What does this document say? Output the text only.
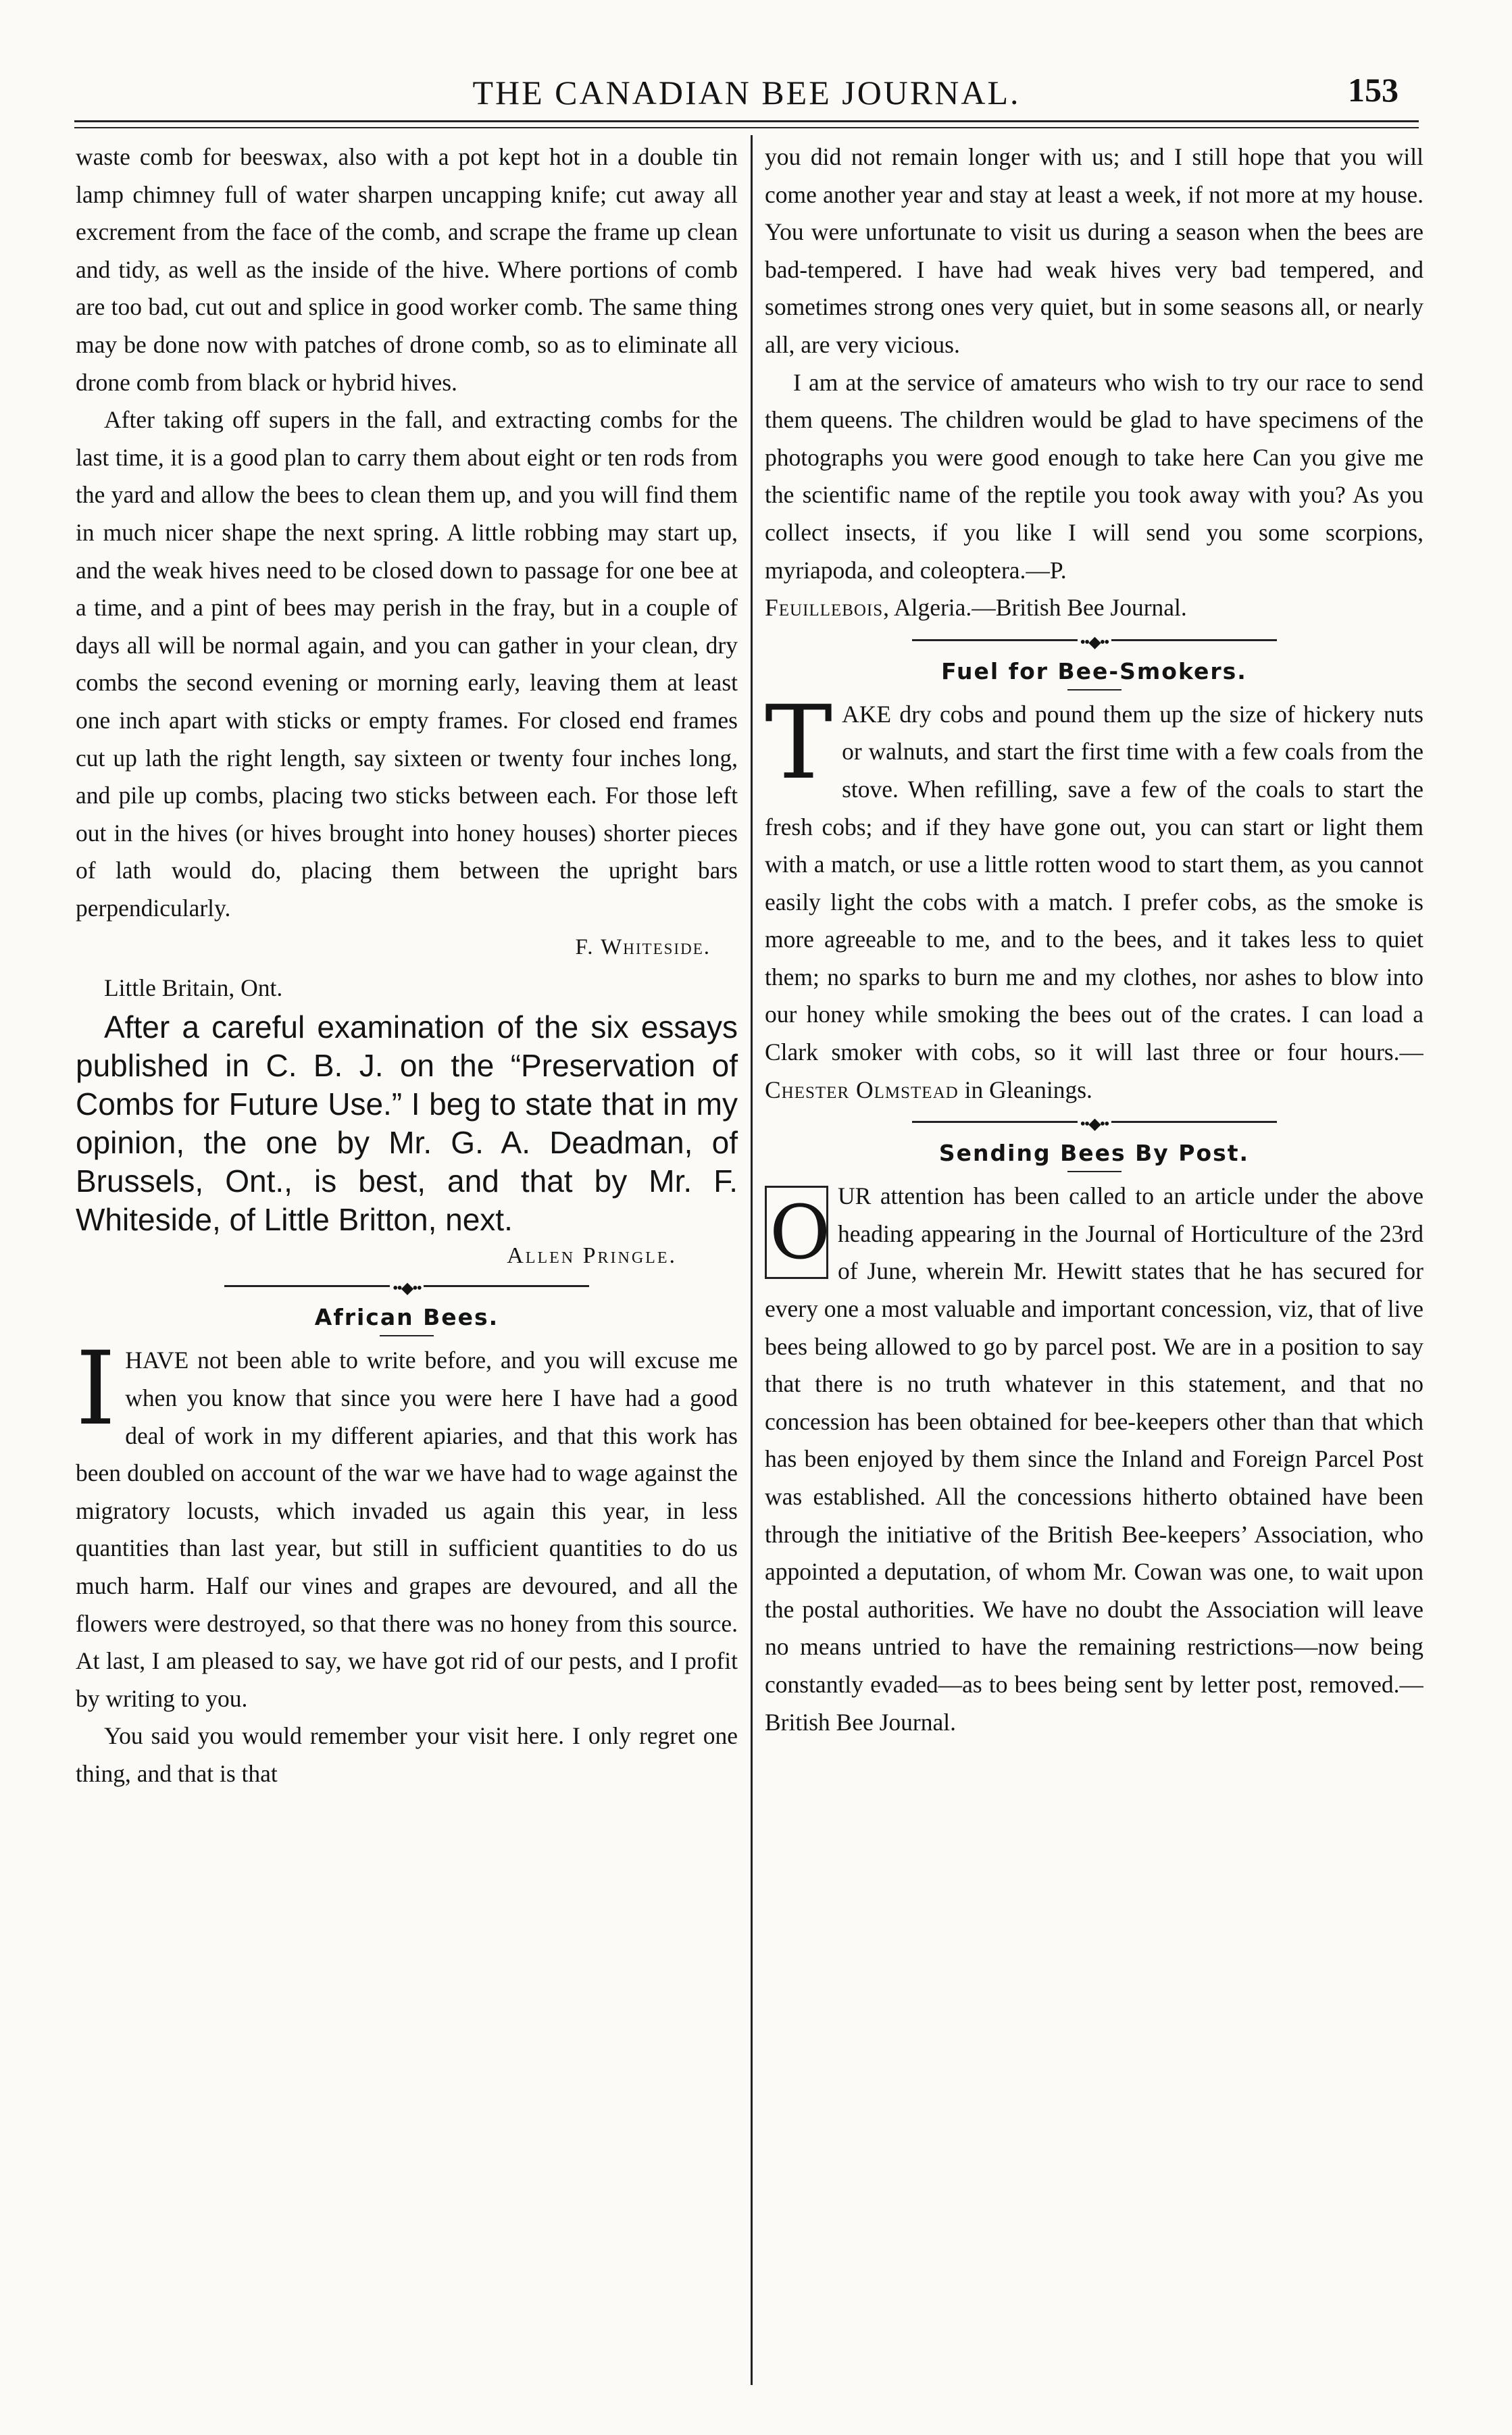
THE CANADIAN BEE JOURNAL.	153

waste comb for beeswax, also with a pot kept hot in a double tin lamp chimney full of water sharpen uncapping knife; cut away all excrement from the face of the comb, and scrape the frame up clean and tidy, as well as the inside of the hive. Where portions of comb are too bad, cut out and splice in good worker comb. The same thing may be done now with patches of drone comb, so as to eliminate all drone comb from black or hybrid hives.

After taking off supers in the fall, and extracting combs for the last time, it is a good plan to carry them about eight or ten rods from the yard and allow the bees to clean them up, and you will find them in much nicer shape the next spring. A little robbing may start up, and the weak hives need to be closed down to passage for one bee at a time, and a pint of bees may perish in the fray, but in a couple of days all will be normal again, and you can gather in your clean, dry combs the second evening or morning early, leaving them at least one inch apart with sticks or empty frames. For closed end frames cut up lath the right length, say sixteen or twenty four inches long, and pile up combs, placing two sticks between each. For those left out in the hives (or hives brought into honey houses) shorter pieces of lath would do, placing them between the upright bars perpendicularly.

F. Whiteside.
Little Britain, Ont.

After a careful examination of the six essays published in C. B. J. on the “Preservation of Combs for Future Use.” I beg to state that in my opinion, the one by Mr. G. A. Deadman, of Brussels, Ont., is best, and that by Mr. F. Whiteside, of Little Britton, next.

Allen Pringle.
••◆••
African Bees.
I HAVE not been able to write before, and you will excuse me when you know that since you were here I have had a good deal of work in my different apiaries, and that this work has been doubled on account of the war we have had to wage against the migratory locusts, which invaded us again this year, in less quantities than last year, but still in sufficient quantities to do us much harm. Half our vines and grapes are devoured, and all the flowers were destroyed, so that there was no honey from this source. At last, I am pleased to say, we have got rid of our pests, and I profit by writing to you.

You said you would remember your visit here. I only regret one thing, and that is that

you did not remain longer with us; and I still hope that you will come another year and stay at least a week, if not more at my house. You were unfortunate to visit us during a season when the bees are bad-tempered. I have had weak hives very bad tempered, and sometimes strong ones very quiet, but in some seasons all, or nearly all, are very vicious.

I am at the service of amateurs who wish to try our race to send them queens. The children would be glad to have specimens of the photographs you were good enough to take here Can you give me the scientific name of the reptile you took away with you? As you collect insects, if you like I will send you some scorpions, myriapoda, and coleoptera.—P.

Feuillebois, Algeria.—British Bee Journal.

••◆••
Fuel for Bee-Smokers.
T AKE dry cobs and pound them up the size of hickery nuts or walnuts, and start the first time with a few coals from the stove. When refilling, save a few of the coals to start the fresh cobs; and if they have gone out, you can start or light them with a match, or use a little rotten wood to start them, as you cannot easily light the cobs with a match. I prefer cobs, as the smoke is more agreeable to me, and to the bees, and it takes less to quiet them; no sparks to burn me and my clothes, nor ashes to blow into our honey while smoking the bees out of the crates. I can load a Clark smoker with cobs, so it will last three or four hours.—Chester Olmstead in Gleanings.

••◆••
Sending Bees By Post.
O UR attention has been called to an article under the above heading appearing in the Journal of Horticulture of the 23rd of June, wherein Mr. Hewitt states that he has secured for every one a most valuable and important concession, viz, that of live bees being allowed to go by parcel post. We are in a position to say that there is no truth whatever in this statement, and that no concession has been obtained for bee-keepers other than that which has been enjoyed by them since the Inland and Foreign Parcel Post was established. All the concessions hitherto obtained have been through the initiative of the British Bee-keepers’ Association, who appointed a deputation, of whom Mr. Cowan was one, to wait upon the postal authorities. We have no doubt the Association will leave no means untried to have the remaining restrictions—now being constantly evaded—as to bees being sent by letter post, removed.—British Bee Journal.
